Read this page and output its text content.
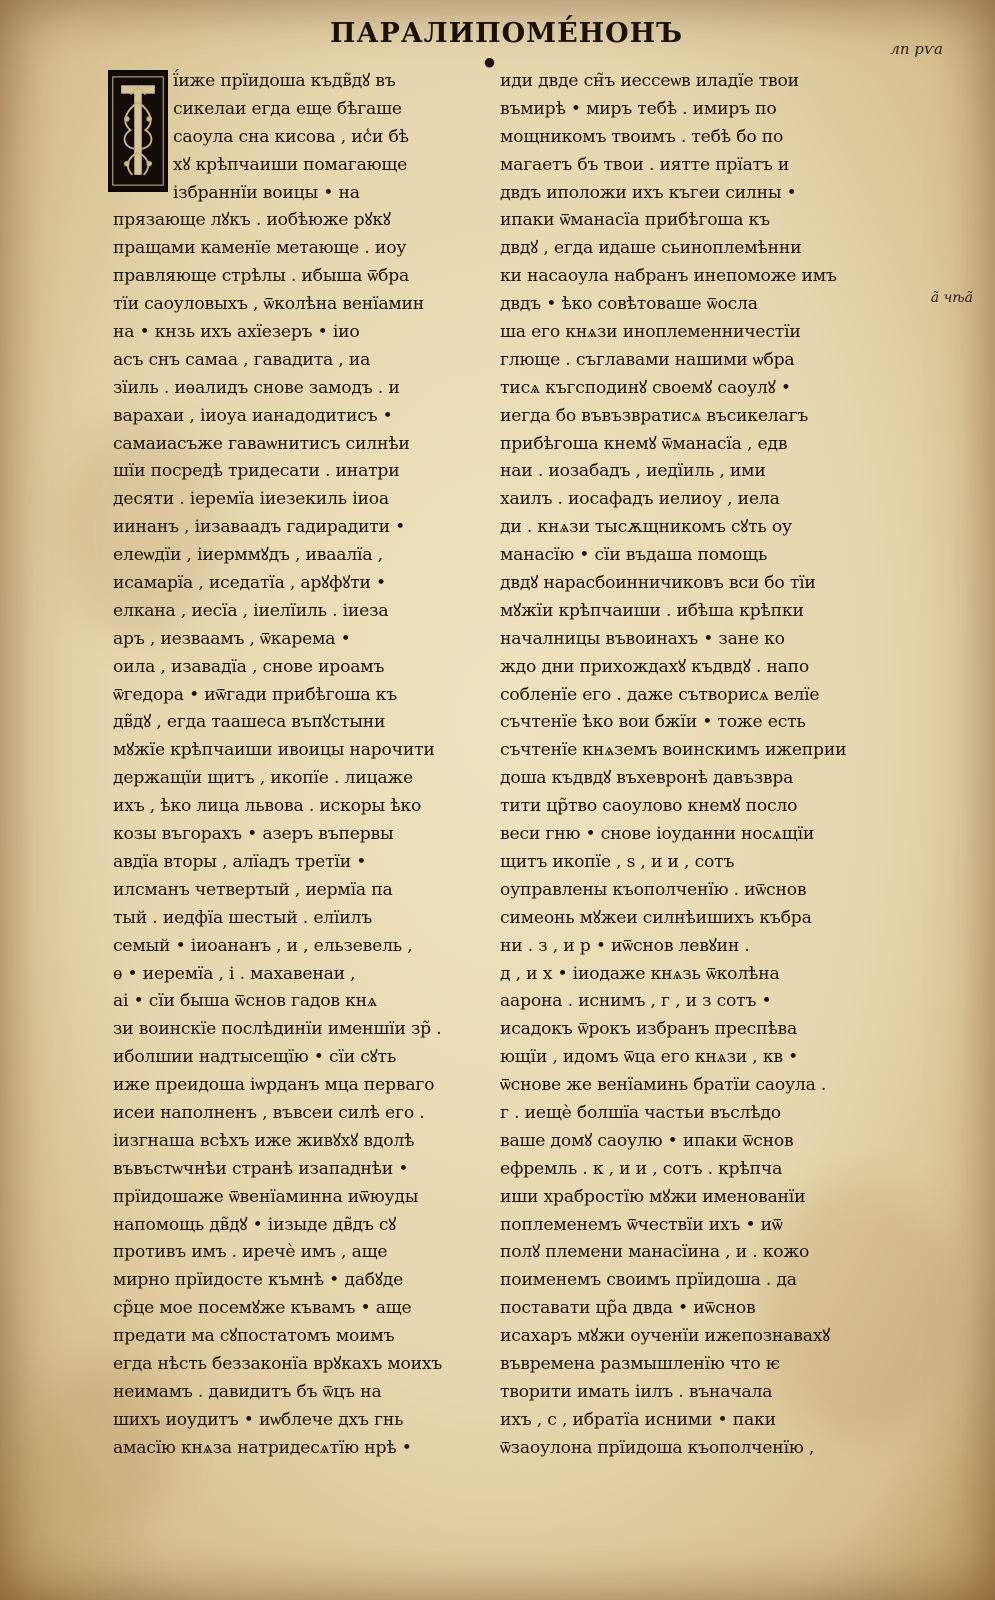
ПАРАЛИПОМЕ́НОНЪ •	лп рѵа
ã чѣã
ї́иже прїидоша къдв̃дꙋ въ
сикелаи егда еще бѣгаше
саоула сна кисова , ис̾и бѣ
хꙋ крѣпчаиши помагающе
ізбраннїи воицы • на
прязающе лꙋкъ . иобѣюже рꙋкꙋ
пращами каменїе метающе . иоу
правляюще стрѣлы . ибыша ѿбра
тїи саоуловыхъ , ѿколѣна венїамин
на • кнзь ихъ ахїезеръ • іио
асъ снъ самаа , гавадита , иа
зїиль . иѳалидъ снове замодъ . и
варахаи , іиоуа ианадодитисъ •
самаиасъже гаваѡнитисъ силнѣи
шїи посредѣ тридесати . инатри
десяти . іеремїа іиезекиль іиоа
иинанъ , іизаваадъ гадирадити •
елеѡдїи , іиерммꙋдъ , иваалїа ,
исамарїа , иседатїа , арꙋфꙋти •
елкана , иесїа , іиелїиль . іиеза
аръ , иезваамъ , ѿкарема •
оила , изавадїа , снове ироамъ
ѿгедора • иѿгади прибѣгоша къ
дв̃дꙋ , егда таашеса въпꙋстыни
мꙋжїе крѣпчаиши ивоицы нарочити
держащїи щитъ , икопїе . лицаже
ихъ , ѣко лица львова . искоры ѣко
козы въгорахъ • азеръ въпервы
авдїа вторы , алїадъ третїи •
илсманъ четвертый , иермїа па
тый . иедфїа шестый . елїилъ
семый • іиоананъ , и , ельзевель ,
ѳ • иеремїа , і . махавенаи ,
аі • сїи быша ѿснов гадов кнѧ
зи воинскїе послѣдинїи именшїи зр̃ .
иболшии надтысещїю • сїи сꙋть
иже преидоша іѡрданъ мца перваго
исеи наполненъ , въвсеи силѣ его .
іизгнаша всѣхъ иже живꙋхꙋ вдолѣ
въвъстѡчнѣи странѣ изападнѣи •
прїидошаже ѿвенїаминна иѿюуды
напомощь дв̃дꙋ • іизыде дв̃дъ сꙋ
противъ имъ . иречѐ имъ , аще
мирно прїидосте къмнѣ • дабꙋде
ср̃це мое посемꙋже къвамъ • аще
предати ма сꙋпостатомъ моимъ
егда нѣсть беззаконїа врꙋкахъ моихъ
неимамъ . давидитъ бъ ѿцъ на
шихъ иоудитъ • иѡблече дхъ гнь
амасїю кнѧза натридесѧтїю нрѣ •
иди двде сн̃ъ иессеѡв иладїе твои
въмирѣ • миръ тебѣ . имиръ по
мощникомъ твоимъ . тебѣ бо по
магаетъ бъ твои . иятте прїатъ и
двдъ иположи ихъ къгеи силны •
ипаки ѿманасїа прибѣгоша къ
двдꙋ , егда идаше сьиноплемѣнни
ки насаоула набранъ инепоможе имъ
двдъ • ѣко совѣтоваше ѿосла
ша его кнѧзи иноплеменничестїи
глюще . съглавами нашими ѡбра
тисѧ къгсподинꙋ своемꙋ саоулꙋ •
иегда бо въвъзвратисѧ въсикелагъ
прибѣгоша кнемꙋ ѿманасїа , едв
наи . иозабадъ , иедїиль , ими
хаилъ . иосафадъ иелиоу , иела
ди . кнѧзи тысѫщникомъ сꙋть оу
манасїю • сїи въдаша помощь
двдꙋ нарасбоинничиковъ вси бо тїи
мꙋжїи крѣпчаиши . ибѣша крѣпки
началницы въвоинахъ • зане ко
ждо дни прихождахꙋ къдвдꙋ . напо
собленїе его . даже сътворисѧ велїе
съчтенїе ѣко вои бжїи • тоже есть
съчтенїе кнѧземъ воинскимъ ижеприи
доша къдвдꙋ въхевронѣ давъзвра
тити цр̃тво саоулово кнемꙋ посло
веси гню • снове іоуданни носѧщїи
щитъ икопїе , ѕ , и и , сотъ
оуправлены къополченїю . иѿснов
симеонь мꙋжеи силнѣишихъ къбра
ни . з , и р • иѿснов левꙋин .
д , и х • іиодаже кнѧзь ѿколѣна
аарона . иснимъ , г , и з сотъ •
исадокъ ѿрокъ избранъ преспѣва
ющїи , идомъ ѿца его кнѧзи , кв •
ѿснове же венїаминь братїи саоула .
г . иещѐ болшїа частьи въслѣдо
ваше домꙋ саоулю • ипаки ѿснов
ефремль . к , и и , сотъ . крѣпча
иши храбростїю мꙋжи именованїи
поплеменемъ ѿчествїи ихъ • иѿ
полꙋ племени манасїина , и . кожо
поименемъ своимъ прїидоша . да
поставати цр̃а двда • иѿснов
исахаръ мꙋжи оученїи ижепознавахꙋ
въвремена размышленїю что ѥ
творити имать іилъ . въначала
ихъ , с , ибратїа исними • паки
ѿзаоулона прїидоша къополченїю ,
